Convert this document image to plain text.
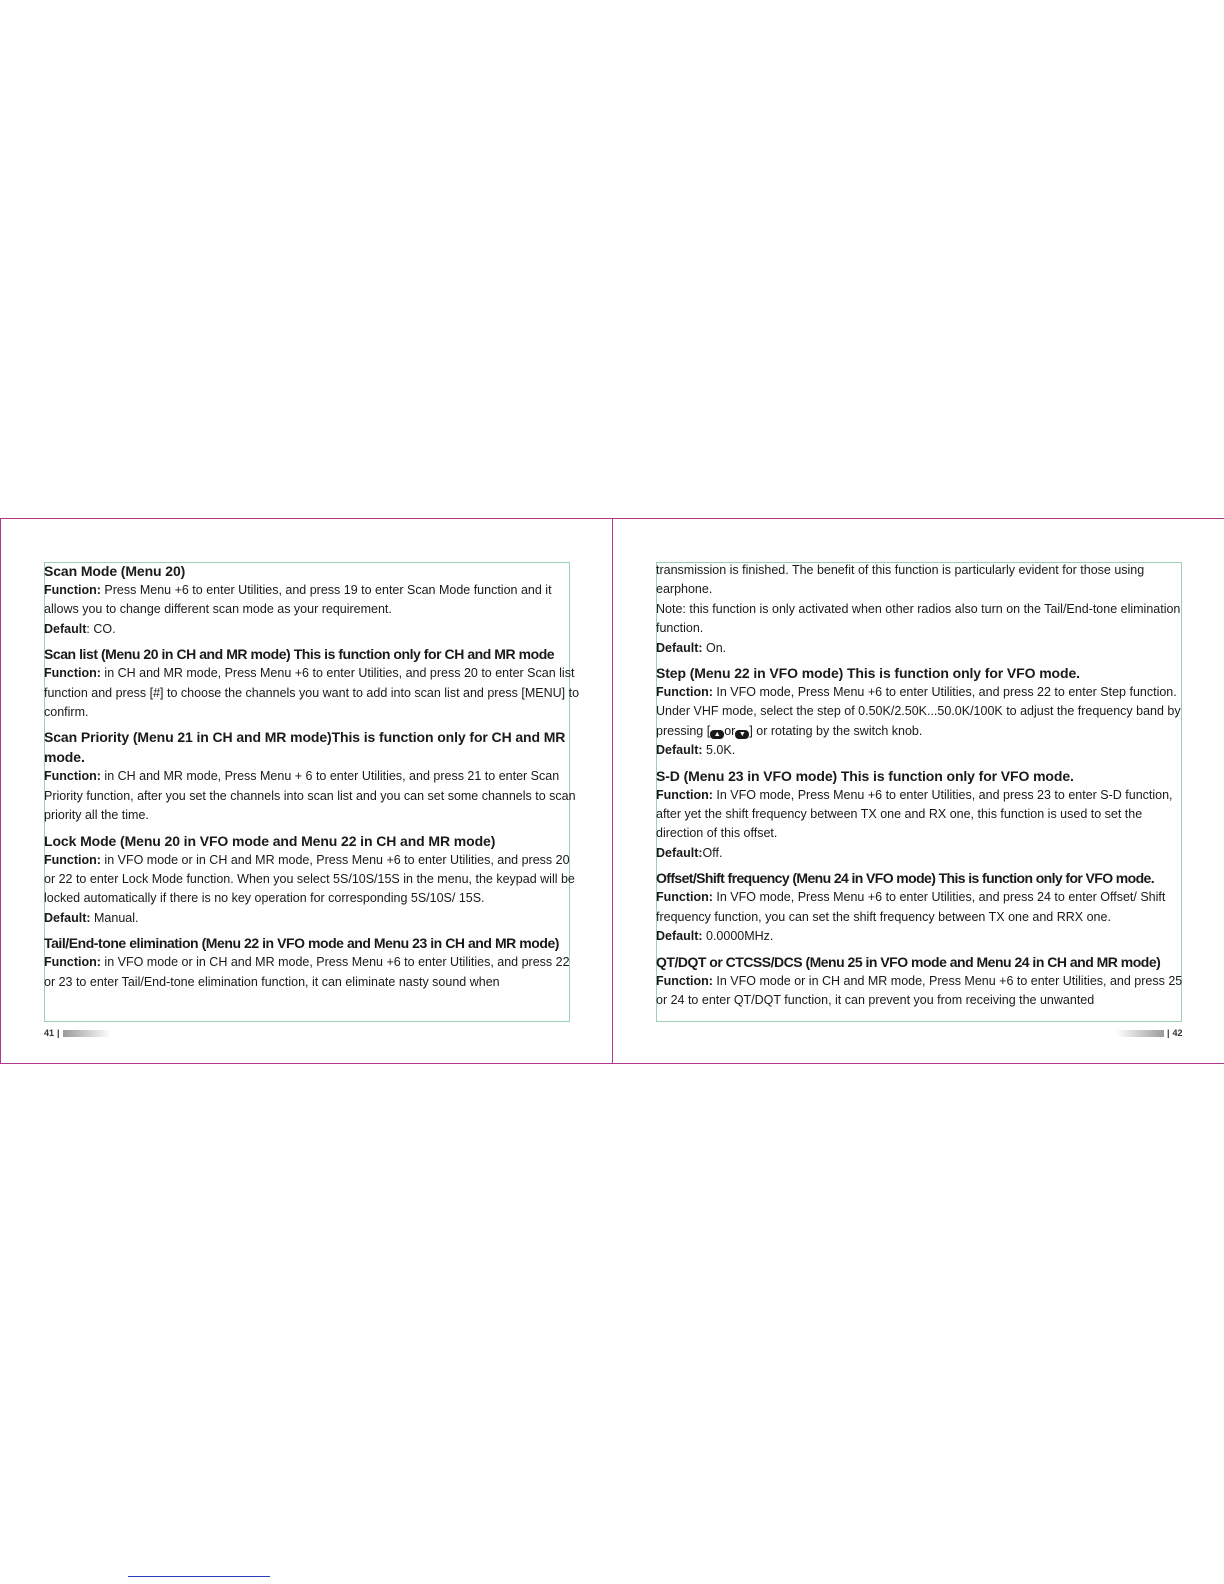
Scan Mode (Menu 20)

Function: Press Menu +6 to enter Utilities, and press 19 to enter Scan Mode function and it allows you to change different scan mode as your requirement.

Default: CO.

Scan list (Menu 20 in CH and MR mode) This is function only for CH and MR mode

Function: in CH and MR mode, Press Menu +6 to enter Utilities, and press 20 to enter Scan list function and press [#] to choose the channels you want to add into scan list and press [MENU] to confirm.

Scan Priority (Menu 21 in CH and MR mode)This is function only for CH and MR mode.

Function: in CH and MR mode, Press Menu + 6 to enter Utilities, and press 21 to enter Scan Priority function, after you set the channels into scan list and you can set some channels to scan priority all the time.

Lock Mode (Menu 20 in VFO mode and Menu 22 in CH and MR mode)

Function: in VFO mode or in CH and MR mode, Press Menu +6 to enter Utilities, and press 20 or 22 to enter Lock Mode function. When you select 5S/10S/15S in the menu, the keypad will be locked automatically if there is no key operation for corresponding 5S/10S/ 15S.

Default: Manual.

Tail/End-tone elimination (Menu 22 in VFO mode and Menu 23 in CH and MR mode)

Function: in VFO mode or in CH and MR mode, Press Menu +6 to enter Utilities, and press 22 or 23 to enter Tail/End-tone elimination function, it can eliminate nasty sound when

transmission is finished. The benefit of this function is particularly evident for those using earphone.

Note: this function is only activated when other radios also turn on the Tail/End-tone elimination function.

Default: On.

Step (Menu 22 in VFO mode) This is function only for VFO mode.

Function: In VFO mode, Press Menu +6 to enter Utilities, and press 22 to enter Step function. Under VHF mode, select the step of 0.50K/2.50K...50.0K/100K to adjust the frequency band by pressing [ ▲ or ▼ ] or rotating by the switch knob.

Default: 5.0K.

S-D (Menu 23 in VFO mode) This is function only for VFO mode.

Function: In VFO mode, Press Menu +6 to enter Utilities, and press 23 to enter S-D function, after yet the shift frequency between TX one and RX one, this function is used to set the direction of this offset.

Default:Off.

Offset/Shift frequency (Menu 24 in VFO mode) This is function only for VFO mode.

Function: In VFO mode, Press Menu +6 to enter Utilities, and press 24 to enter Offset/ Shift frequency function, you can set the shift frequency between TX one and RRX one.

Default: 0.0000MHz.

QT/DQT or CTCSS/DCS (Menu 25 in VFO mode and Menu 24 in CH and MR mode)

Function: In VFO mode or in CH and MR mode, Press Menu +6 to enter Utilities, and press 25 or 24 to enter QT/DQT function, it can prevent you from receiving the unwanted

41 |	| 42
